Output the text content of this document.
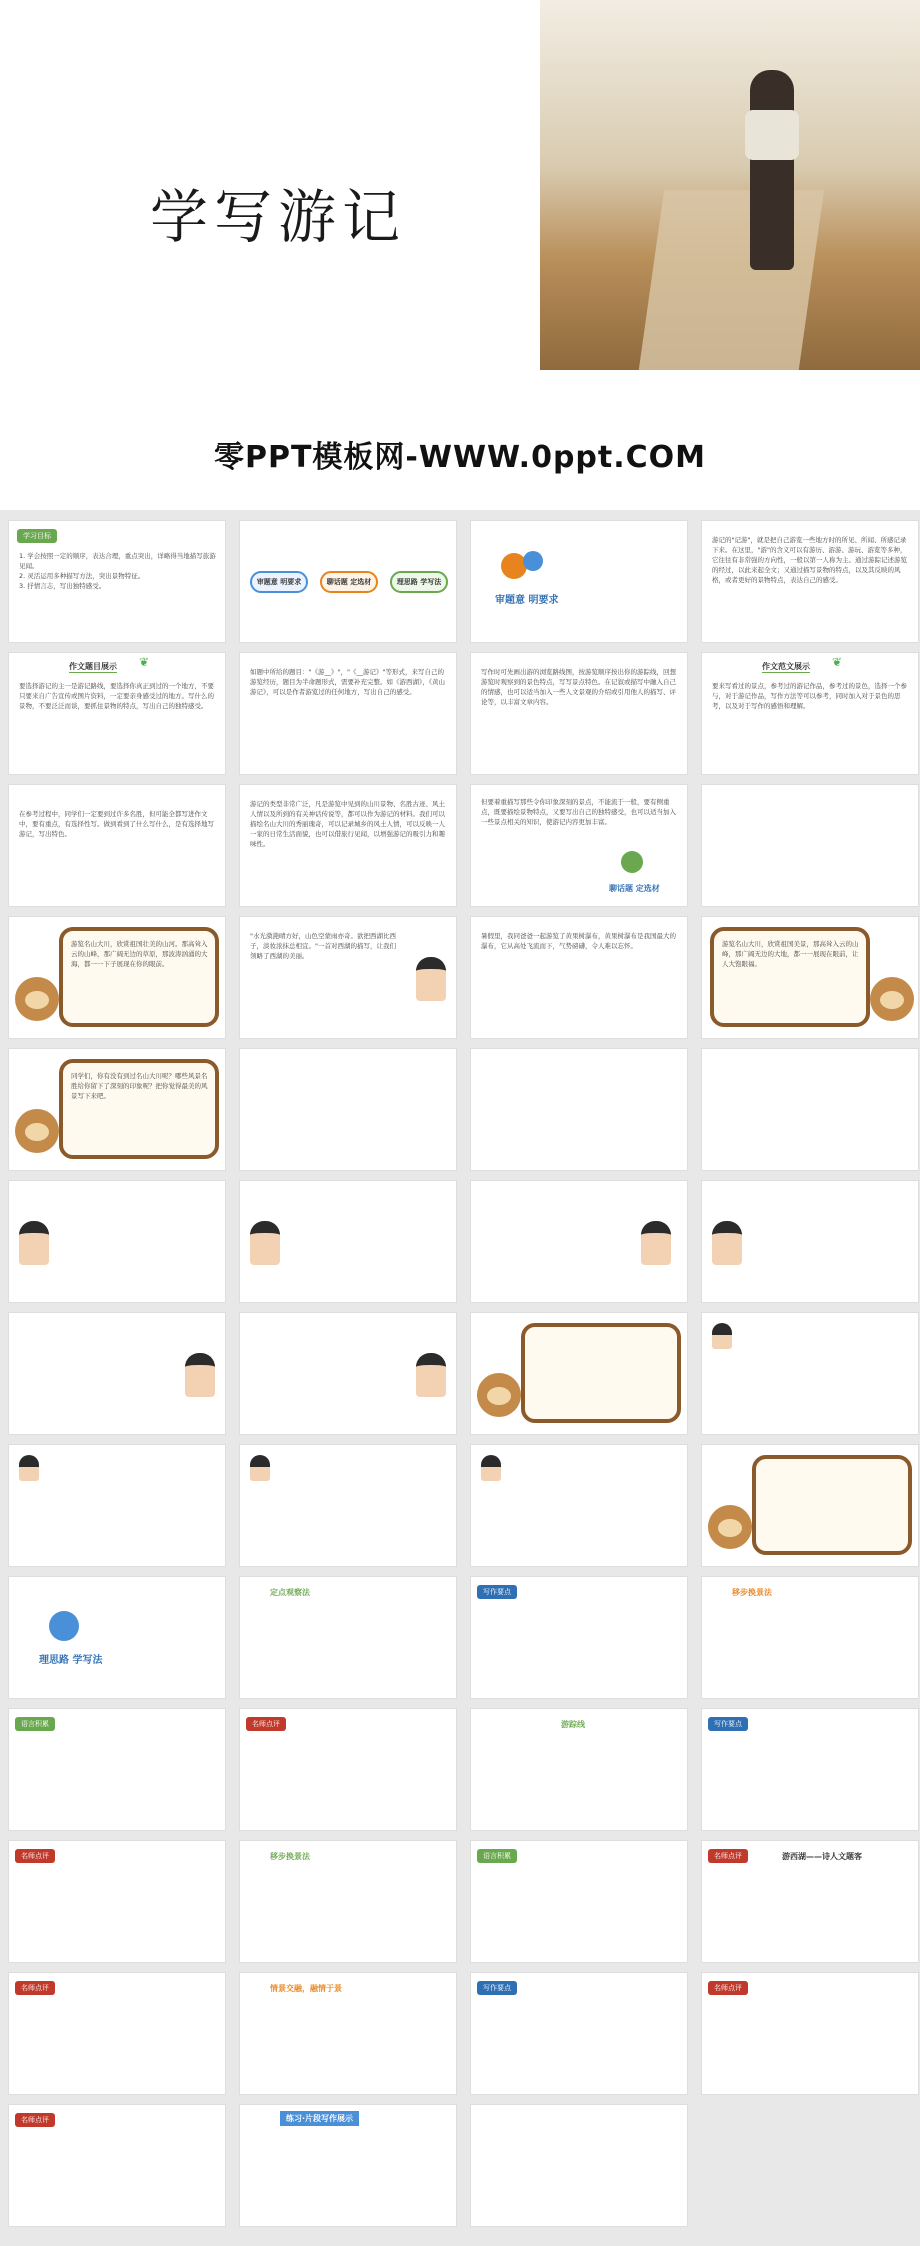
学写游记
零PPT模板网-WWW.0ppt.COM
学习目标
1. 学会按照一定的顺序，表达合理，重点突出，详略得当地描写旅游见闻。
2. 灵活运用多种描写方法，突出景物特征。
3. 抒情言志，写出独特感受。
审题意 明要求	聊话题 定选材	理思路 学写法
审题意 明要求
游记的"记游"，就是把自己游览一些地方时的所见、所闻、所感记录下来。在这里，"游"的含义可以有游历、游游、游玩、游览等多种，它往往有非常强的方向性，一般以第一人称为主。通过游踪记述游览的经过，以此来起全文；又通过描写景物的特点，以及其反映的风格，或者更好的景物特点，表达自己的感受。
作文题目展示 ❦
要选择游记的主一是游记路线，要选择你真正到过的一个地方，不要只要来自广告宣传或图片资料，一定要亲身感受过的地方。写什么的景物，不要泛泛而谈，要抓住景物的特点，写出自己的独特感受。
如题中所给的题目："《游__》"，"《__游记》"等形式，来写自己的游览经历，题目为半命题形式，需要补充完整。如《游西湖》，《黄山游记》，可以是作者游览过的任何地方，写出自己的感受。
写作时可先画出游的浏览路线图，按游览顺序按出你的游踪线，回想游览时观察到的景色特点，写写景点特色。在记叙或描写中融入自己的情感，也可以适当加入一些人文景观的介绍或引用他人的描写、评论等，以丰富文章内容。
作文范文展示 ❦
要来写看过的景点，参考过的游记作品，参考过的景色，选择一个参与，对于游记作品，写作方法等可以参考，同时加入对于景色的思考，以及对于写作的感悟和理解。
在参考过程中，同学们一定要到过许多名胜，但可能全都写进作文中，要有重点，有选择性写。做到看到了什么写什么，是有选择地写游记，写出特色。
游记的类型非常广泛，凡是游览中见到的山川景物、名胜古迹、风土人情以及所到的有关神话传说等，都可以作为游记的材料。我们可以描绘名山大川的秀丽瑰奇，可以记录城乡的风土人情，可以反映一人一家的日常生活面貌，也可以借旅行见闻，以增强游记的吸引力和趣味性。
但要着重描写那些令你印象深刻的景点，不能流于一般，要有侧重点，既要描绘景物特点，又要写出自己的独特感受，也可以适当加入一些景点相关的知识，使游记内容更加丰富。
聊话题 定选材
游览名山大川，欣赏祖国壮美的山河。那高耸入云的山峰，那广阔无边的草原，那波涛汹涌的大海，都一一下子展现在你的眼前。
"水光潋滟晴方好，山色空蒙雨亦奇。欲把西湖比西子，淡妆浓抹总相宜。"一首对西湖的描写，让我们领略了西湖的美丽。
暑假里，我同爸爸一起游览了黄果树瀑布，黄果树瀑布是我国最大的瀑布，它从高处飞流而下，气势磅礴，令人难以忘怀。	游览名山大川，欣赏祖国美景，那高耸入云的山峰，那广阔无边的大地，都一一展现在眼前，让人大饱眼福。
同学们，你有没有到过名山大川呢？哪些风景名胜给你留下了深刻的印象呢？把你觉得最美的风景写下来吧。
理思路 学写法
定点观察法	写作要点	移步换景法
语言积累	名师点评	游踪线	写作要点
名师点评	移步换景法	语言积累	名师点评	游西湖——诗人文题客
名师点评	情景交融，融情于景	写作要点	名师点评
名师点评	练习·片段写作展示
